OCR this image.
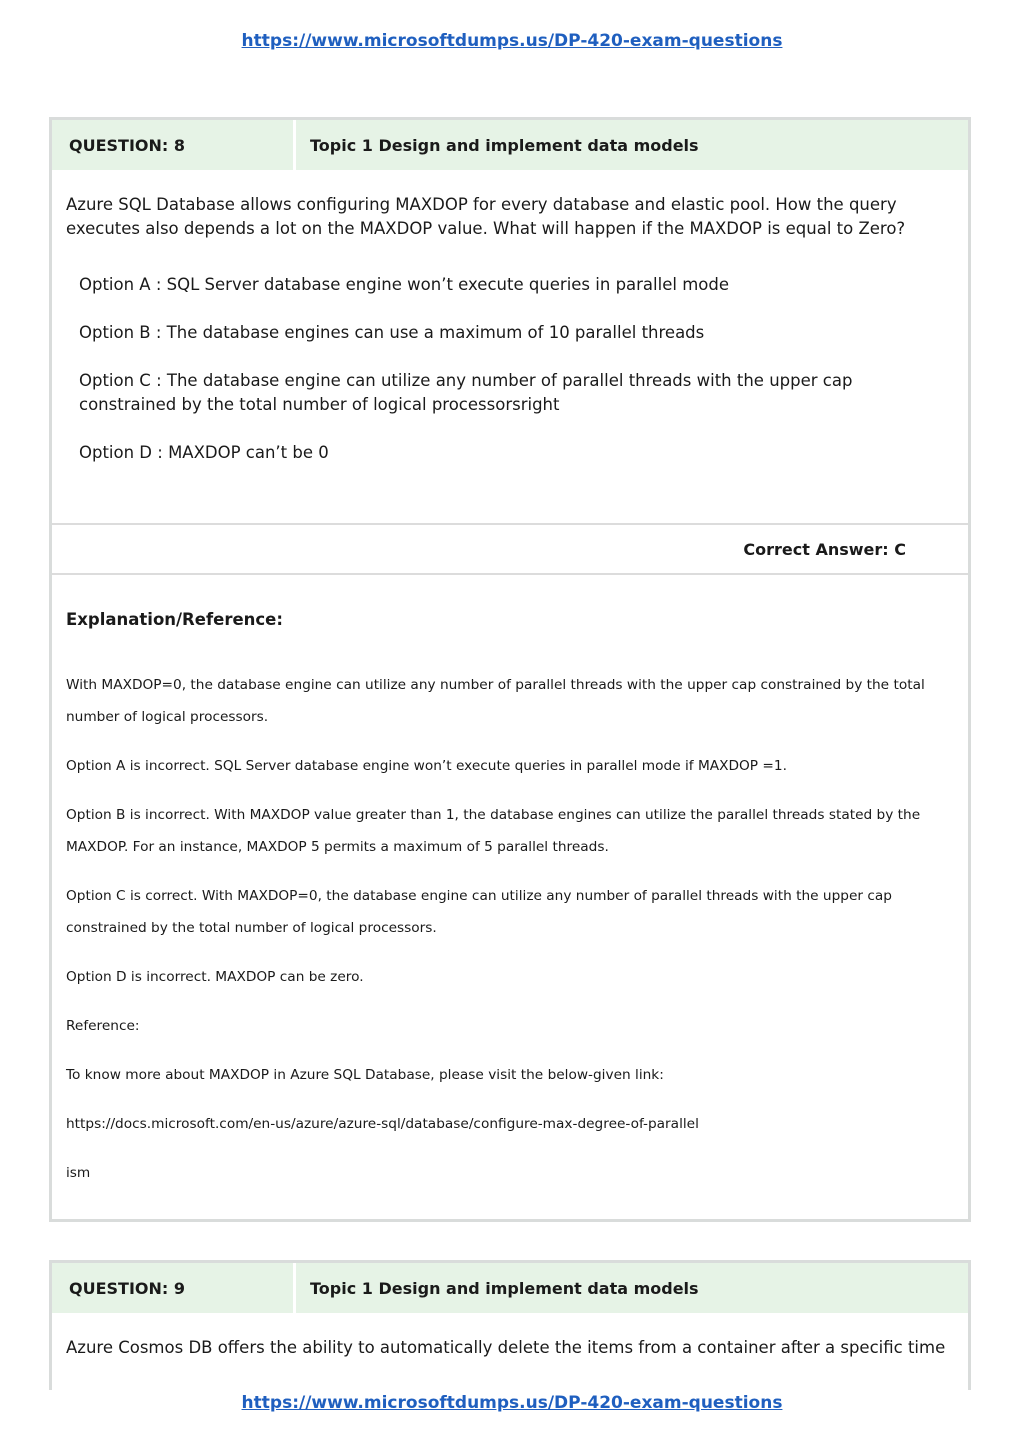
https://www.microsoftdumps.us/DP-420-exam-questions
QUESTION: 8	Topic 1 Design and implement data models
Azure SQL Database allows configuring MAXDOP for every database and elastic pool. How the query executes also depends a lot on the MAXDOP value. What will happen if the MAXDOP is equal to Zero?
Option A : SQL Server database engine won’t execute queries in parallel mode
Option B : The database engines can use a maximum of 10 parallel threads
Option C : The database engine can utilize any number of parallel threads with the upper cap constrained by the total number of logical processorsright
Option D : MAXDOP can’t be 0
Correct Answer: C
Explanation/Reference:
With MAXDOP=0, the database engine can utilize any number of parallel threads with the upper cap constrained by the total number of logical processors.
Option A is incorrect. SQL Server database engine won’t execute queries in parallel mode if MAXDOP =1.
Option B is incorrect. With MAXDOP value greater than 1, the database engines can utilize the parallel threads stated by the MAXDOP. For an instance, MAXDOP 5 permits a maximum of 5 parallel threads.
Option C is correct. With MAXDOP=0, the database engine can utilize any number of parallel threads with the upper cap constrained by the total number of logical processors.
Option D is incorrect. MAXDOP can be zero.
Reference:
To know more about MAXDOP in Azure SQL Database, please visit the below-given link:
https://docs.microsoft.com/en-us/azure/azure-sql/database/configure-max-degree-of-parallel
ism
QUESTION: 9	Topic 1 Design and implement data models
Azure Cosmos DB offers the ability to automatically delete the items from a container after a specific time
https://www.microsoftdumps.us/DP-420-exam-questions
